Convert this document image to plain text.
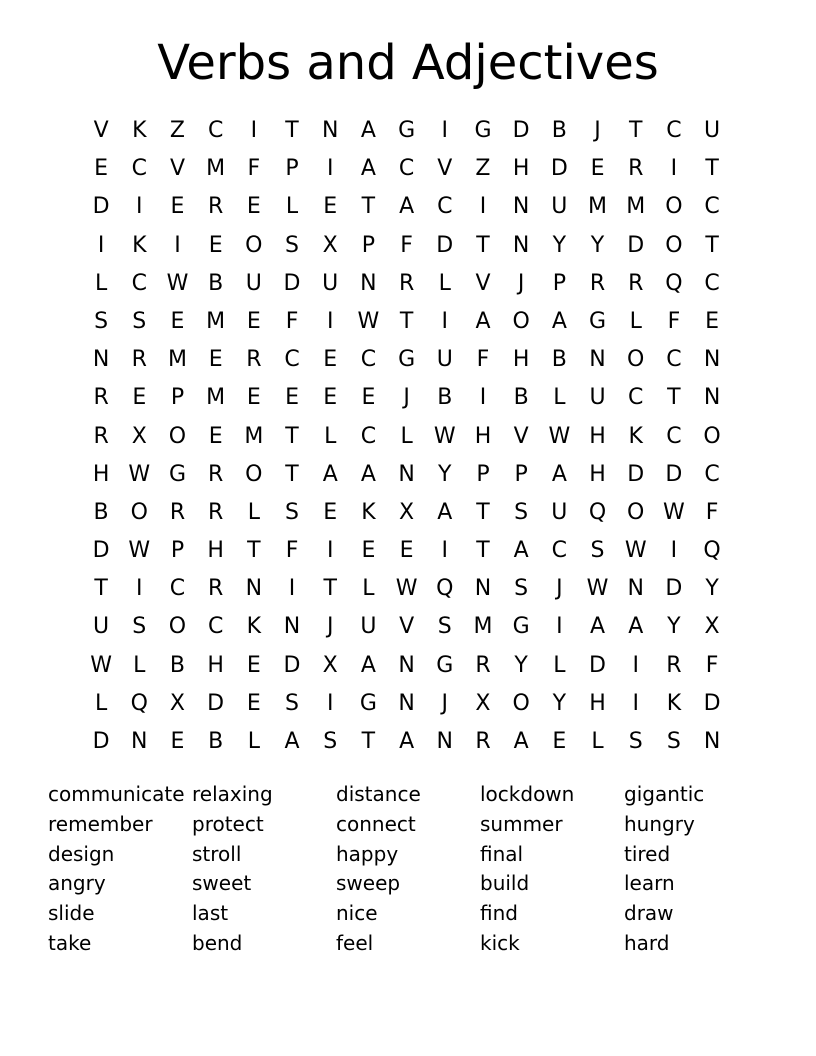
Verbs and Adjectives
V	K	Z	C	I	T	N	A	G	I	G D	B	J	T	C	U
E	C	V M	F	P	I	A	C	V	Z	H D	E	R	I	T
D	I	E	R	E	L	E	T	A	C	I	N U M M O C
I	K	I	E	O	S	X	P	F	D	T	N	Y	Y	D O	T
L	C W B	U D U N	R	L	V	J	P	R	R Q C
S	S	E M E	F	I	W T	I	A O	A	G	L	F	E
N	R M E	R	C	E	C G U	F	H	B	N O C	N
R	E	P	M E	E	E	E	J	B	I	B	L	U	C	T	N
R	X O	E M T	L	C	L W H	V W H	K	C O
H W G	R O	T	A	A	N	Y	P	P	A	H D D	C
B O R	R	L	S	E	K	X	A	T	S	U Q O W F
D W P	H	T	F	I	E	E	I	T	A	C	S W	I	Q
T	I	C	R	N	I	T	L W Q N	S	J	W N D	Y
U	S	O C	K	N	J	U	V	S M G	I	A	A	Y	X
W L	B	H	E	D	X	A	N G	R	Y	L	D	I	R	F
L	Q X	D	E	S	I	G N	J	X O	Y	H	I	K	D
D N	E	B	L	A	S	T	A	N	R	A	E	L	S	S	N
communicate relaxing	distance	lockdown	gigantic
remember	protect	connect	summer	hungry
design	stroll	happy	final	tired
angry	sweet	sweep	build	learn
slide	last	nice	find	draw
take	bend	feel	kick	hard
